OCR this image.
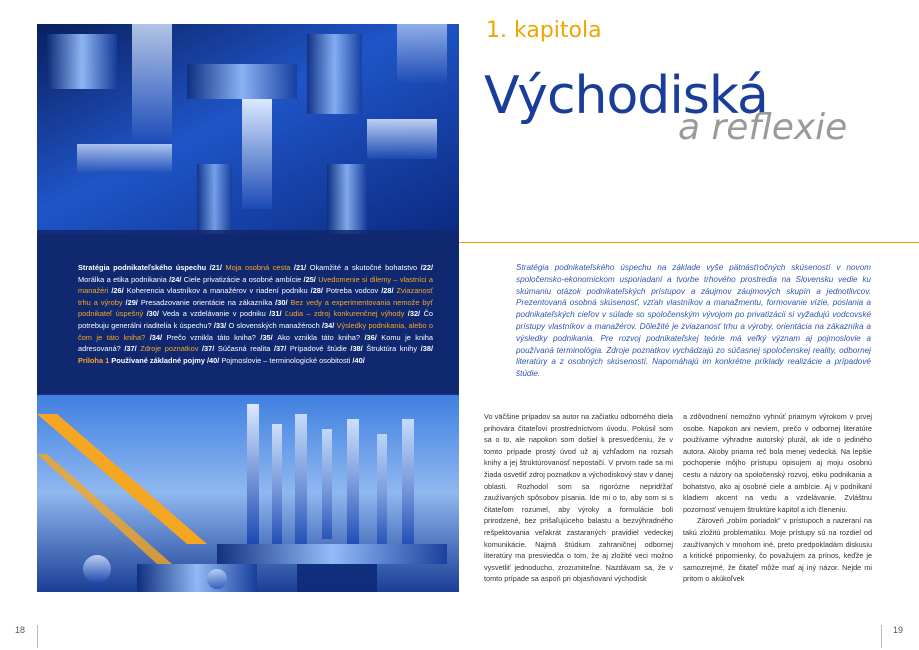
Stratégia podnikateľského úspechu /21/ Moja osobná cesta /21/ Okamžité a skutočné bohatstvo /22/ Morálka a etika podnikania /24/ Ciele privatizácie a osobné ambície /25/ Uvedomenie si dilemy – vlastníci a manažéri /26/ Koherencia vlastníkov a manažérov v riadení podniku /28/ Potreba vodcov /28/ Zviazanosť trhu a výroby /29/ Presadzovanie orientácie na zákazníka /30/ Bez vedy a experimentovania nemože byť podnikateľ úspešný /30/ Veda a vzdelávanie v podniku /31/ Ľudia – zdroj konkurenčnej výhody /32/ Čo potrebuju generálni riaditelia k úspechu? /33/ O slovenských manažéroch /34/ Výsledky podnikania, alebo o čom je táto kniha? /34/ Prečo vznikla táto kniha? /35/ Ako vznikla táto kniha? /36/ Komu je kniha adresovaná? /37/ Zdroje poznatkov /37/ Súčasná realita /37/ Prípadové štúdie /38/ Štruktúra knihy /38/ Príloha 1 Používané základné pojmy /40/ Pojmoslovie – terminologické osobitosti /40/
18
1. kapitola
Východiská
a reflexie
Stratégia podnikateľského úspechu na základe vyše pätnásťročných skúseností v novom spoločensko-ekonomickom usporiadaní a tvorbe trhového prostredia na Slovensku vedie ku skúmaniu otázok podnikateľských prístupov a záujmov záujmových skupín a jednotlivcov. Prezentovaná osobná skúsenosť, vzťah vlastníkov a manažmentu, formovanie vízie, poslania a podnikateľských cieľov v súlade so spoločenským vývojom po privatizácii si vyžadujú vodcovské prístupy vlastníkov a manažérov. Dôležité je zviazanosť trhu a výroby, orientácia na zákazníka a výsledky podnikania. Pre rozvoj podnikateľskej teórie má veľký význam aj pojmoslovie a používaná terminológia. Zdroje poznatkov vychádzajú zo súčasnej spoločenskej reality, odbornej literatúry a z osobných skúseností. Napomáhajú im konkrétne príklady realizácie a prípadové štúdie.

Vo väčšine prípadov sa autor na začiatku odborného diela prihovára čitateľovi prostredníctvom úvodu. Pokúsil som sa o to, ale napokon som došiel k presvedčeniu, že v tomto prípade prostý úvod už aj vzhľadom na rozsah knihy a jej štruktúrovanosť nepostačí. V prvom rade sa mi žiada osvetliť zdroj poznatkov a východiskový stav v danej oblasti. Rozhodol som sa rigorózne nepridŕžať zaužívaných spôsobov písania. Ide mi o to, aby som si s čitateľom rozumel, aby výroky a formulácie boli prirodzené, bez prišaľujúceho balastu a bezvýhradného rešpektovania veľakrát zastaraných pravidiel vedeckej komunikácie. Najmä štúdium zahraničnej odbornej literatúry ma presviedča o tom, že aj zložité veci možno vysvetliť jednoducho, zrozumiteľne. Nazdávam sa, že v tomto prípade sa aspoň pri objasňovaní východísk

a zdôvodnení nemožno vyhnúť priamym výrokom v prvej osobe. Napokon ani neviem, prečo v odbornej literatúre používame výhradne autorský plurál, ak ide o jediného autora. Akoby priama reč bola menej vedecká. Na lepšie pochopenie môjho prístupu opisujem aj moju osobnú cestu a názory na spoločenský rozvoj, etiku podnikania a bohatstvo, ako aj osobné ciele a ambície. Aj v podnikaní kladiem akcent na vedu a vzdelávanie. Zvláštnu pozornosť venujem štruktúre kapitol a ich členeniu.

Zároveň „robím poriadok" v prístupoch a nazeraní na takú zložitú problematiku. Moje prístupy sú na rozdiel od zaužívaných v mnohom iné, preto predpokladám diskusiu a kritické pripomienky, čo považujem za prínos, keďže je samozrejmé, že čitateľ môže mať aj iný názor. Nejde mi pritom o akúkoľvek

19
